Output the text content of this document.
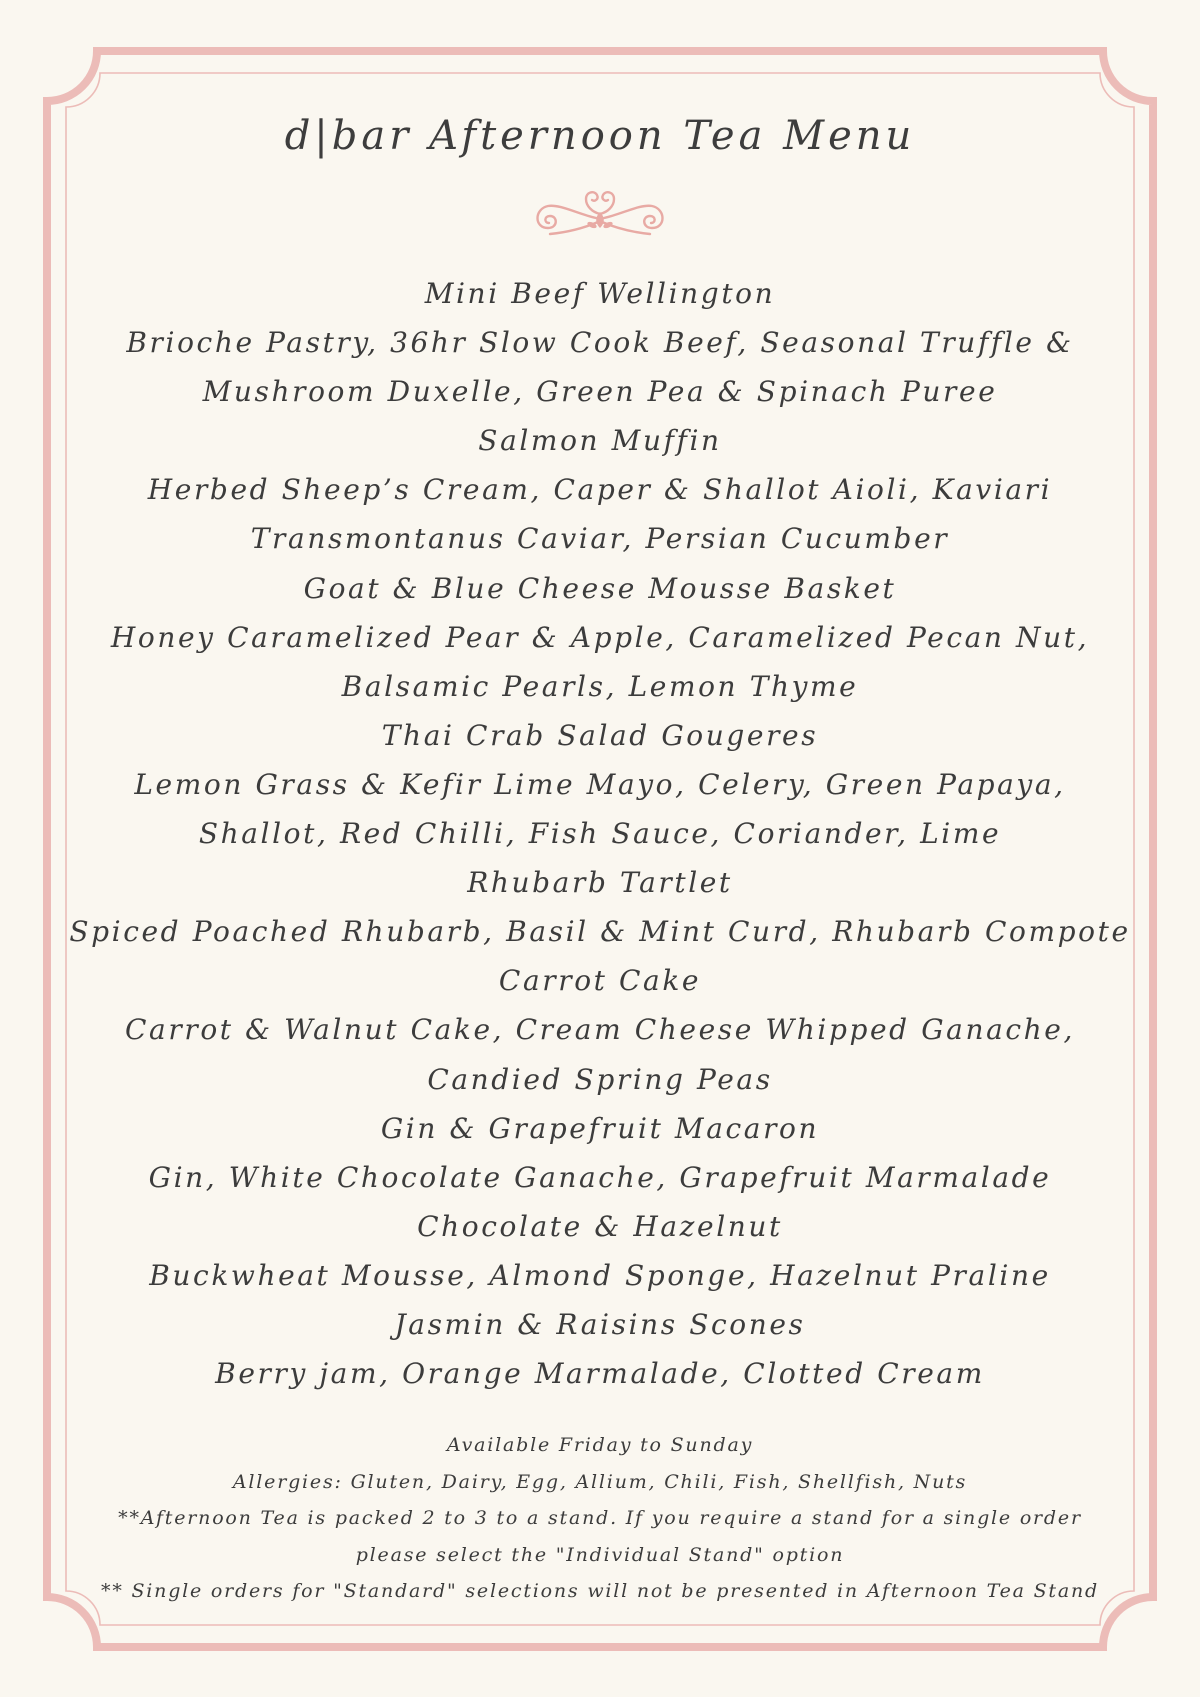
d|bar Afternoon Tea Menu
Mini Beef Wellington
Brioche Pastry, 36hr Slow Cook Beef, Seasonal Truffle &
Mushroom Duxelle, Green Pea & Spinach Puree
Salmon Muffin
Herbed Sheep’s Cream, Caper & Shallot Aioli, Kaviari
Transmontanus Caviar, Persian Cucumber
Goat & Blue Cheese Mousse Basket
Honey Caramelized Pear & Apple, Caramelized Pecan Nut,
Balsamic Pearls, Lemon Thyme
Thai Crab Salad Gougeres
Lemon Grass & Kefir Lime Mayo, Celery, Green Papaya,
Shallot, Red Chilli, Fish Sauce, Coriander, Lime
Rhubarb Tartlet
Spiced Poached Rhubarb, Basil & Mint Curd, Rhubarb Compote
Carrot Cake
Carrot & Walnut Cake, Cream Cheese Whipped Ganache,
Candied Spring Peas
Gin & Grapefruit Macaron
Gin, White Chocolate Ganache, Grapefruit Marmalade
Chocolate & Hazelnut
Buckwheat Mousse, Almond Sponge, Hazelnut Praline
Jasmin & Raisins Scones
Berry jam, Orange Marmalade, Clotted Cream
Available Friday to Sunday
Allergies: Gluten, Dairy, Egg, Allium, Chili, Fish, Shellfish, Nuts
**Afternoon Tea is packed 2 to 3 to a stand. If you require a stand for a single order
please select the "Individual Stand" option
** Single orders for "Standard" selections will not be presented in Afternoon Tea Stand
